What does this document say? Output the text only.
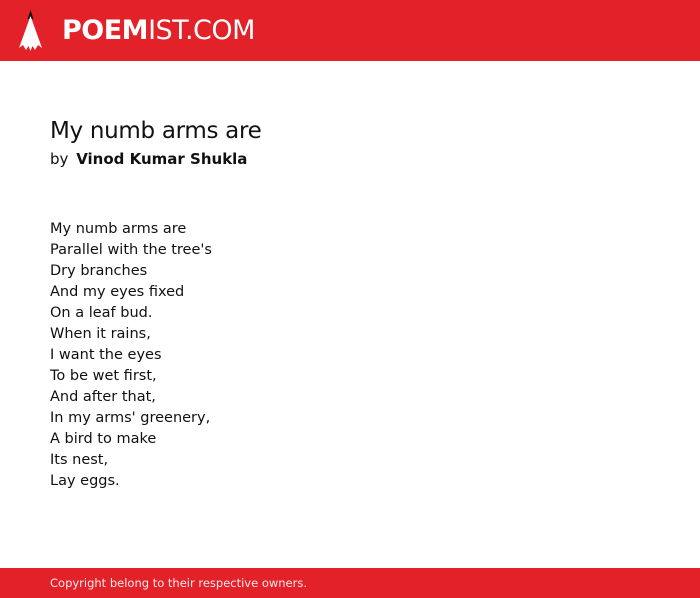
POEMIST.COM
My numb arms are
by Vinod Kumar Shukla
My numb arms are
Parallel with the tree's
Dry branches
And my eyes fixed
On a leaf bud.
When it rains,
I want the eyes
To be wet first,
And after that,
In my arms' greenery,
A bird to make
Its nest,
Lay eggs.
Copyright belong to their respective owners.
